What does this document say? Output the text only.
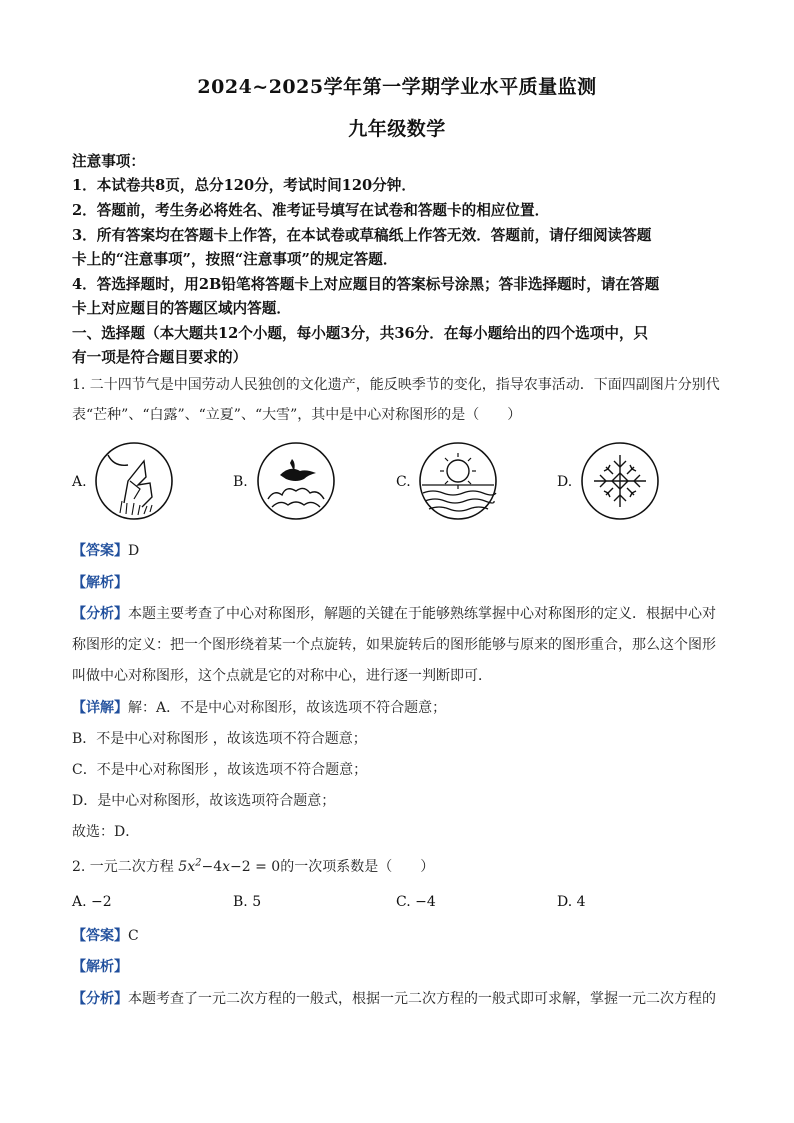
2024~2025学年第一学期学业水平质量监测
九年级数学
注意事项：
1．本试卷共8页，总分120分，考试时间120分钟．
2．答题前，考生务必将姓名、准考证号填写在试卷和答题卡的相应位置．
3．所有答案均在答题卡上作答，在本试卷或草稿纸上作答无效．答题前，请仔细阅读答题
卡上的“注意事项”，按照“注意事项”的规定答题．
4．答选择题时，用2B铅笔将答题卡上对应题目的答案标号涂黑；答非选择题时，请在答题
卡上对应题目的答题区域内答题．
一、选择题（本大题共12个小题，每小题3分，共36分．在每小题给出的四个选项中，只
有一项是符合题目要求的）
1. 二十四节气是中国劳动人民独创的文化遗产，能反映季节的变化，指导农事活动．下面四副图片分别代
表“芒种”、“白露”、“立夏”、“大雪”，其中是中心对称图形的是（　　）
A.	B.	C.	D.
【答案】D
【解析】
【分析】本题主要考查了中心对称图形，解题的关键在于能够熟练掌握中心对称图形的定义．根据中心对
称图形的定义：把一个图形绕着某一个点旋转，如果旋转后的图形能够与原来的图形重合，那么这个图形
叫做中心对称图形，这个点就是它的对称中心，进行逐一判断即可．
【详解】解：A．不是中心对称图形，故该选项不符合题意；
B．不是中心对称图形 ，故该选项不符合题意；
C．不是中心对称图形 ，故该选项不符合题意；
D．是中心对称图形，故该选项符合题意；
故选：D．
2. 一元二次方程 $5x^2-4x-2 = 0$的一次项系数是（　　）
A. −2	B. 5	C. −4	D. 4
【答案】C
【解析】
【分析】本题考查了一元二次方程的一般式，根据一元二次方程的一般式即可求解，掌握一元二次方程的
